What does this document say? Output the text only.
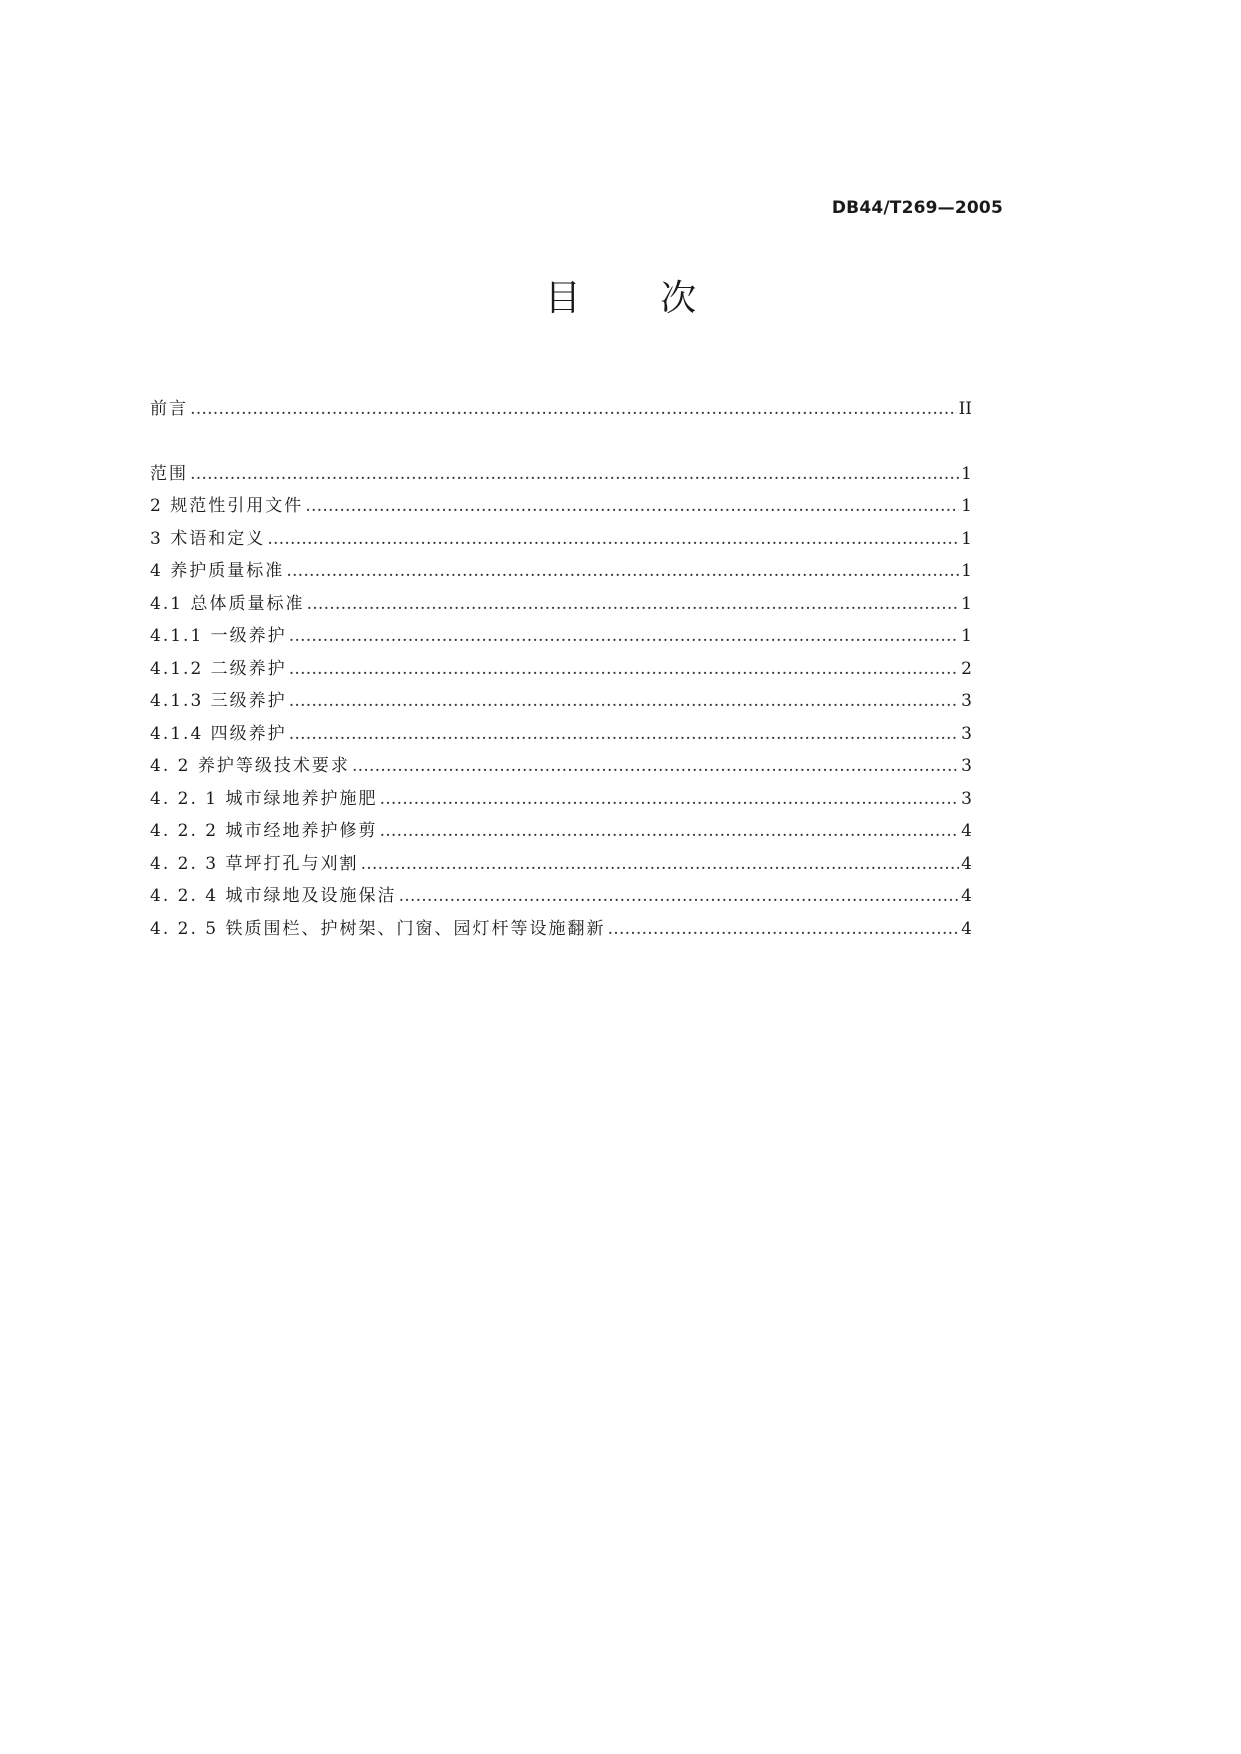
DB44/T269—2005
目 次
前言 ……………………………………………………………………………………………………………………………………………………………………………………	II
范围 ……………………………………………………………………………………………………………………………………………………………………………………	1
2 规范性引用文件 ……………………………………………………………………………………………………………………………………………………………………………………	1
3 术语和定义 ……………………………………………………………………………………………………………………………………………………………………………………	1
4 养护质量标准 ……………………………………………………………………………………………………………………………………………………………………………………	1
4.1 总体质量标准 ……………………………………………………………………………………………………………………………………………………………………………………	1
4.1.1 一级养护 ……………………………………………………………………………………………………………………………………………………………………………………	1
4.1.2 二级养护 ……………………………………………………………………………………………………………………………………………………………………………………	2
4.1.3 三级养护 ……………………………………………………………………………………………………………………………………………………………………………………	3
4.1.4 四级养护 ……………………………………………………………………………………………………………………………………………………………………………………	3
4. 2 养护等级技术要求 ……………………………………………………………………………………………………………………………………………………………………………………	3
4. 2. 1 城市绿地养护施肥 ……………………………………………………………………………………………………………………………………………………………………………………	3
4. 2. 2 城市经地养护修剪 ……………………………………………………………………………………………………………………………………………………………………………………	4
4. 2. 3 草坪打孔与刈割 ……………………………………………………………………………………………………………………………………………………………………………………	4
4. 2. 4 城市绿地及设施保洁 ……………………………………………………………………………………………………………………………………………………………………………………	4
4. 2. 5 铁质围栏、护树架、门窗、园灯杆等设施翻新 ……………………………………………………………………………………………………………………………………………………………………………………	4
